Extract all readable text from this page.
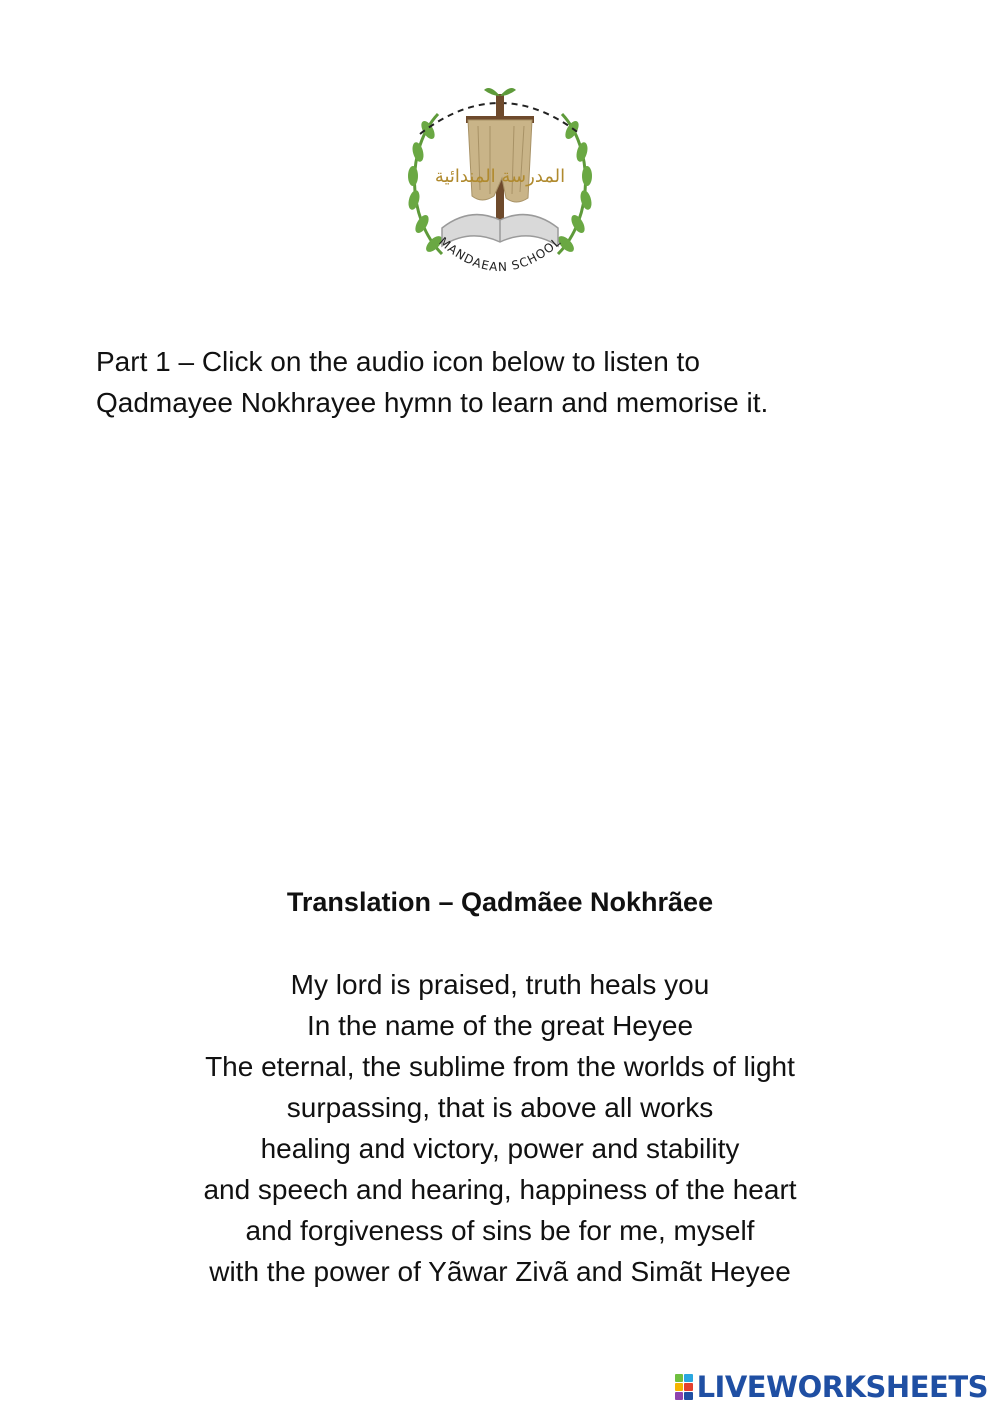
المدرسة المندائية
MANDAEAN SCHOOL

Part 1 – Click on the audio icon below to listen to

Qadmayee Nokhrayee hymn to learn and memorise it.

Translation – Qadmãee Nokhrãee
My lord is praised, truth heals you
In the name of the great Heyee
The eternal, the sublime from the worlds of light
surpassing, that is above all works
healing and victory, power and stability
and speech and hearing, happiness of the heart
and forgiveness of sins be for me, myself
with the power of Yãwar Zivã and Simãt Heyee
LIVEWORKSHEETS
